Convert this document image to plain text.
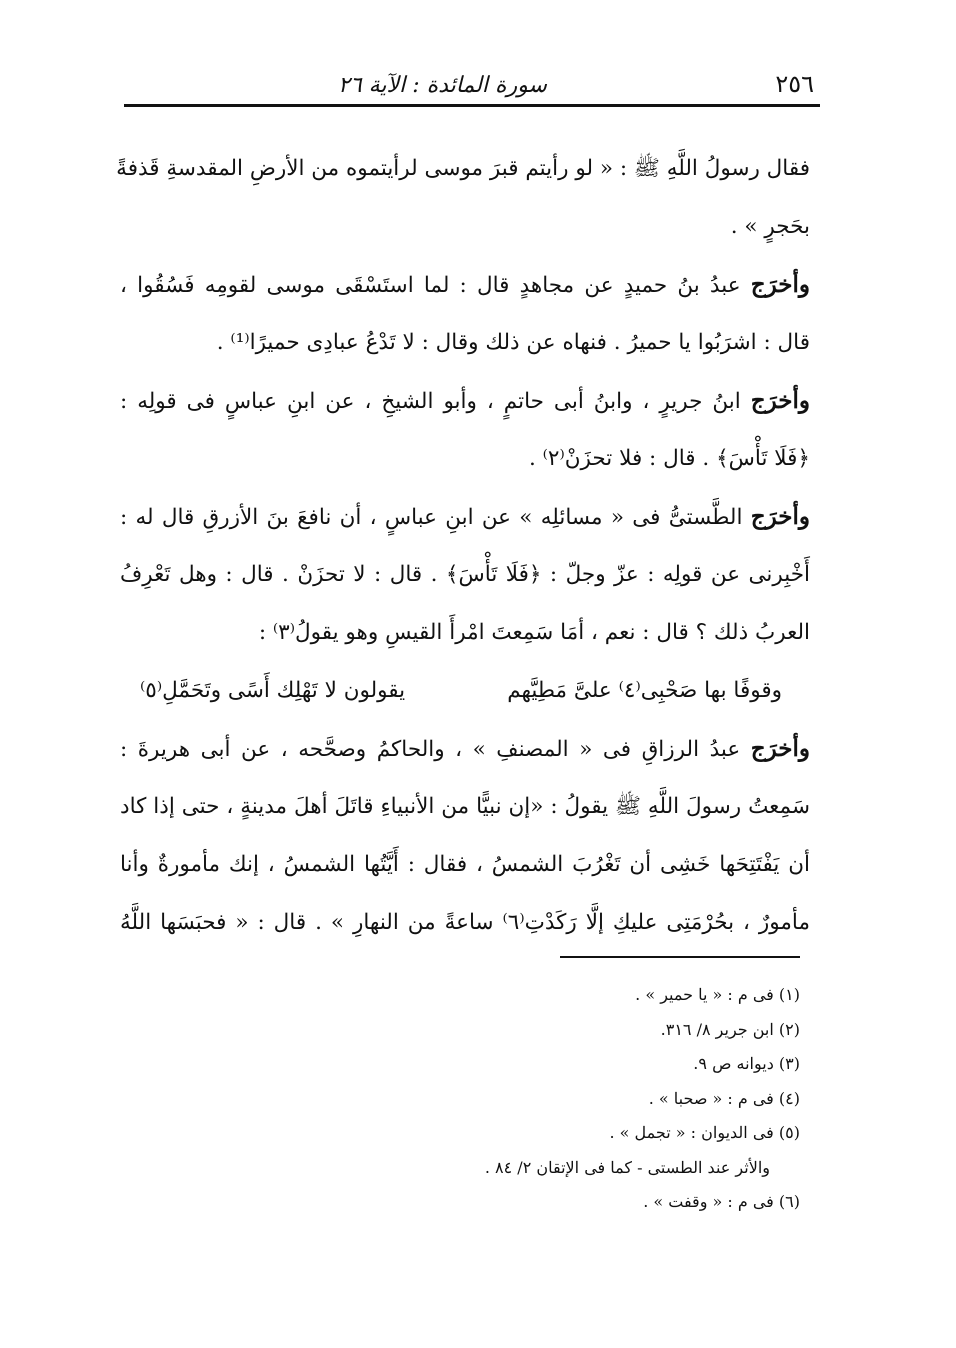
٢٥٦
سورة المائدة : الآية ٢٦
فقال رسولُ اللَّهِ ﷺ : « لو رأيتم قبرَ موسى لرأيتموه من الأرضِ المقدسةِ قَذفةً
بحَجرٍ » .
وأخرَج عبدُ بنُ حميدٍ عن مجاهدٍ قال : لما استَسْقَى موسى لقومِه فَسُقُوا ،
قال : اشرَبُوا يا حميرُ . فنهاه عن ذلك وقال : لا تَدْعُ عبادِى حميرًا⁽¹⁾ .
وأخرَج ابنُ جريرٍ ، وابنُ أبى حاتمٍ ، وأبو الشيخِ ، عن ابنِ عباسٍ فى قولِه :
﴿فَلَا تَأْسَ﴾ . قال : فلا تحزَنْ⁽٢⁾ .
وأخرَج الطَّستىُّ فى « مسائلِه » عن ابنِ عباسٍ ، أن نافعَ بنَ الأزرقِ قال له :
أَخْبِرنى عن قولِه : عزّ وجلّ : ﴿فَلَا تَأْسَ﴾ . قال : لا تحزَنْ . قال : وهل تَعْرِفُ
العربُ ذلك ؟ قال : نعم ، أمَا سَمِعتَ امْرأَ القيسِ وهو يقولُ⁽٣⁾ :
وقوفًا بها صَحْبِى⁽٤⁾ علىَّ مَطِيَّهم
يقولون لا تَهْلِك أَسًى وتَحَمَّلِ⁽٥⁾
وأخرَج عبدُ الرزاقِ فى « المصنفِ » ، والحاكمُ وصحَّحه ، عن أبى هريرةَ :
سَمِعتُ رسولَ اللَّهِ ﷺ يقولُ : «إن نبيًّا من الأنبياءِ قاتَلَ أهلَ مدينةٍ ، حتى إذا كاد
أن يَفْتَتِحَها خَشِى أن تَغْرُبَ الشمسُ ، فقال : أَيَّتُها الشمسُ ، إنك مأمورةٌ وأنا
مأمورٌ ، بحُرْمَتِى عليكِ إلَّا رَكَدْتِ⁽٦⁾ ساعةً من النهارِ » . قال : « فحبَسَها اللَّهُ
(١) فى م : « يا حمير » .
(٢) ابن جرير ٨/ ٣١٦.
(٣) ديوانه ص ٩.
(٤) فى م : « صحبا » .
(٥) فى الديوان : « تجمل » .
والأثر عند الطستى - كما فى الإتقان ٢/ ٨٤ .
(٦) فى م : « وقفت » .
